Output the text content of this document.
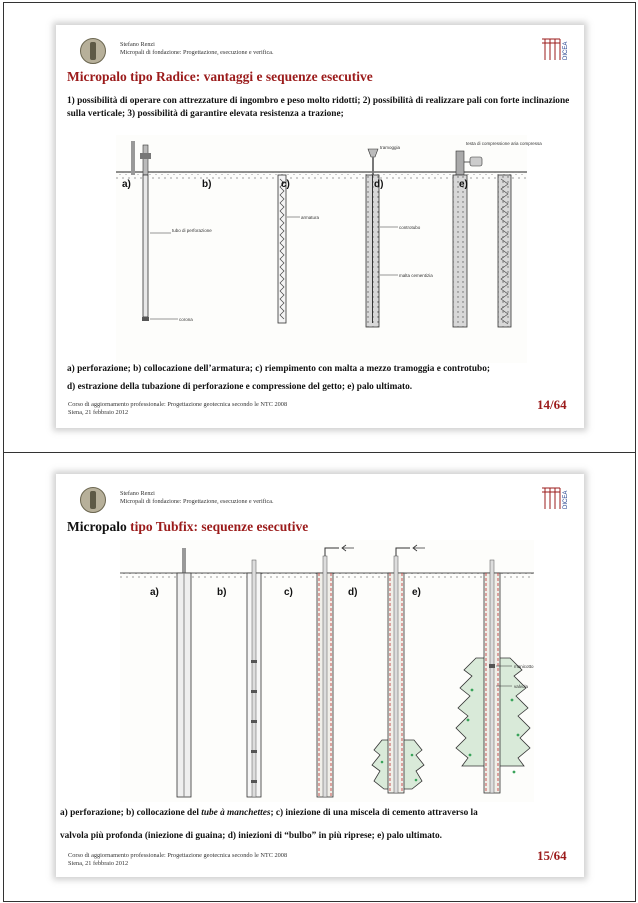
Stefano Renzi
Micropali di fondazione: Progettazione, esecuzione e verifica.	DICEA
Micropalo tipo Radice: vantaggi e sequenze esecutive
1) possibilità di operare con attrezzature di ingombro e peso molto ridotti; 2) possibilità di realizzare pali con forte inclinazione sulla verticale; 3) possibilità di garantire elevata resistenza a trazione;
tubo di perforazione
corona
armatura
tramoggia
controtubo
malta cementizia
testa di compressione aria compressa
a)	b)	c)	d)	e)
a) perforazione; b) collocazione dell’armatura; c) riempimento con malta a mezzo tramoggia e controtubo;
d) estrazione della tubazione di perforazione e compressione del getto; e) palo ultimato.
Corso di aggiornamento professionale: Progettazione geotecnica secondo le NTC 2008
Siena, 21 febbraio 2012
14/64
Stefano Renzi
Micropali di fondazione: Progettazione, esecuzione e verifica.	DICEA
Micropalo tipo Tubfix: sequenze esecutive
manicotto
valvola
a)	b)	c)	d)	e)
a) perforazione; b) collocazione del tube à manchettes; c) iniezione di una miscela di cemento attraverso la
valvola più profonda (iniezione di guaina; d) iniezioni di “bulbo” in più riprese; e) palo ultimato.
Corso di aggiornamento professionale: Progettazione geotecnica secondo le NTC 2008
Siena, 21 febbraio 2012
15/64
